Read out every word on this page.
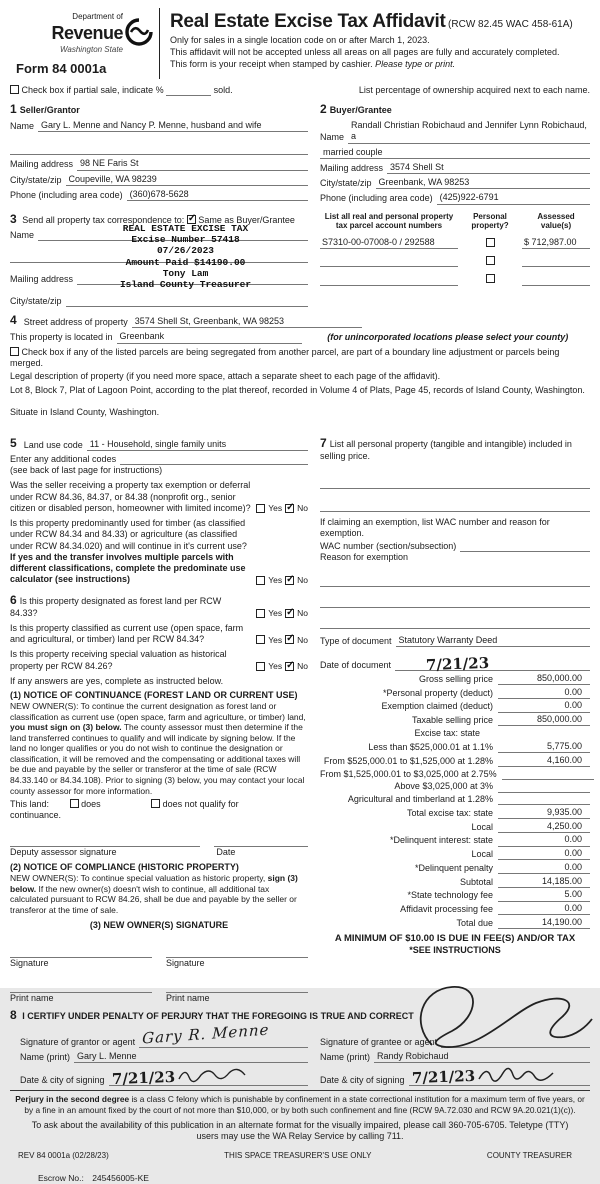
Department of
Revenue
Washington State
Form 84 0001a
Real Estate Excise Tax Affidavit (RCW 82.45 WAC 458-61A)
Only for sales in a single location code on or after March 1, 2023.
This affidavit will not be accepted unless all areas on all pages are fully and accurately completed.
This form is your receipt when stamped by cashier. Please type or print.
Check box if partial sale, indicate %	sold.	List percentage of ownership acquired next to each name.
1 Seller/Grantor
Name Gary L. Menne and Nancy P. Menne, husband and wife
Mailing address 98 NE Faris St
City/state/zip Coupeville, WA 98239
Phone (including area code) (360)678-5628
2 Buyer/Grantee
Name
Randall Christian Robichaud and Jennifer Lynn Robichaud, a
married couple
Mailing address 3574 Shell St
City/state/zip Greenbank, WA 98253
Phone (including area code) (425)922-6791
3 Send all property tax correspondence to: ✓ Same as Buyer/Grantee
Name
Mailing address
City/state/zip
REAL ESTATE EXCISE TAX
Excise Number 57418
07/26/2023
Amount Paid $14190.00
Tony Lam
Island County Treasurer
List all real and personal property tax parcel account numbers
Personal property?
Assessed value(s)
S7310-00-07008-0 / 292588	$ 712,987.00
4 Street address of property 3574 Shell St, Greenbank, WA 98253
This property is located in Greenbank	(for unincorporated locations please select your county)
Check box if any of the listed parcels are being segregated from another parcel, are part of a boundary line adjustment or parcels being merged.
Legal description of property (if you need more space, attach a separate sheet to each page of the affidavit).
Lot 8, Block 7, Plat of Lagoon Point, according to the plat thereof, recorded in Volume 4 of Plats, Page 45, records of Island County, Washington.
Situate in Island County, Washington.
5 Land use code 11 - Household, single family units
Enter any additional codes
(see back of last page for instructions)
Was the seller receiving a property tax exemption or deferral under RCW 84.36, 84.37, or 84.38 (nonprofit org., senior citizen or disabled person, homeowner with limited income)? Yes ✓ No
Is this property predominantly used for timber (as classified under RCW 84.34 and 84.33) or agriculture (as classified under RCW 84.34.020) and will continue in it's current use? If yes and the transfer involves multiple parcels with different classifications, complete the predominate use calculator (see instructions)	Yes ✓ No
6 Is this property designated as forest land per RCW 84.33?	Yes ✓ No
Is this property classified as current use (open space, farm and agricultural, or timber) land per RCW 84.34?	Yes ✓ No
Is this property receiving special valuation as historical property per RCW 84.26?	Yes ✓ No
If any answers are yes, complete as instructed below.
(1) NOTICE OF CONTINUANCE (FOREST LAND OR CURRENT USE)
NEW OWNER(S): To continue the current designation as forest land or classification as current use (open space, farm and agriculture, or timber) land, you must sign on (3) below. The county assessor must then determine if the land transferred continues to qualify and will indicate by signing below. If the land no longer qualifies or you do not wish to continue the designation or classification, it will be removed and the compensating or additional taxes will be due and payable by the seller or transferor at the time of sale (RCW 84.33.140 or 84.34.108). Prior to signing (3) below, you may contact your local county assessor for more information.
This land:	does	does not qualify for
continuance.
Deputy assessor signature	Date
(2) NOTICE OF COMPLIANCE (HISTORIC PROPERTY)
NEW OWNER(S): To continue special valuation as historic property, sign (3) below. If the new owner(s) doesn't wish to continue, all additional tax calculated pursuant to RCW 84.26, shall be due and payable by the seller or transferor at the time of sale.
(3) NEW OWNER(S) SIGNATURE
Signature	Signature
Print name	Print name
7 List all personal property (tangible and intangible) included in selling price.
If claiming an exemption, list WAC number and reason for exemption.
WAC number (section/subsection)
Reason for exemption
Type of document Statutory Warranty Deed
Date of document	7/21/23
Gross selling price	850,000.00
*Personal property (deduct)	0.00
Exemption claimed (deduct)	0.00
Taxable selling price	850,000.00
Excise tax: state
Less than $525,000.01 at 1.1%	5,775.00
From $525,000.01 to $1,525,000 at 1.28%	4,160.00
From $1,525,000.01 to $3,025,000 at 2.75%
Above $3,025,000 at 3%
Agricultural and timberland at 1.28%
Total excise tax: state	9,935.00
Local	4,250.00
*Delinquent interest: state	0.00
Local	0.00
*Delinquent penalty	0.00
Subtotal	14,185.00
*State technology fee	5.00
Affidavit processing fee	0.00
Total due	14,190.00
A MINIMUM OF $10.00 IS DUE IN FEE(S) AND/OR TAX
*SEE INSTRUCTIONS
8 I CERTIFY UNDER PENALTY OF PERJURY THAT THE FOREGOING IS TRUE AND CORRECT
Signature of grantor or agent Gary R. Menne
Name (print) Gary L. Menne
Date & city of signing 7/21/23
Signature of grantee or agent
Name (print) Randy Robichaud
Date & city of signing 7/21/23
Perjury in the second degree is a class C felony which is punishable by confinement in a state correctional institution for a maximum term of five years, or by a fine in an amount fixed by the court of not more than $10,000, or by both such confinement and fine (RCW 9A.72.030 and RCW 9A.20.021(1)(c)).
To ask about the availability of this publication in an alternate format for the visually impaired, please call 360-705-6705. Teletype (TTY) users may use the WA Relay Service by calling 711.
REV 84 0001a (02/28/23)	THIS SPACE TREASURER'S USE ONLY	COUNTY TREASURER
Escrow No.: 245456005-KE
